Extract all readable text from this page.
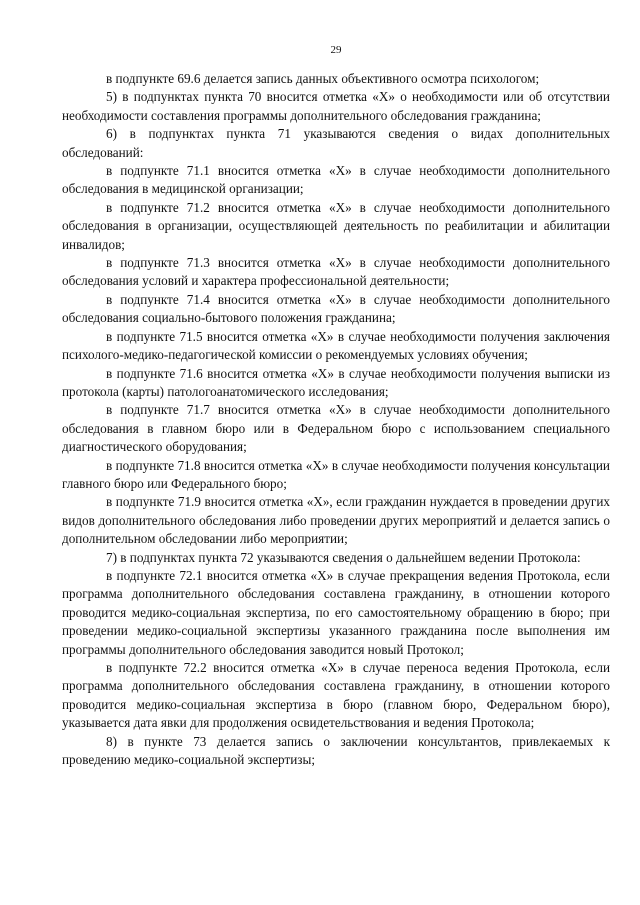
29

в подпункте 69.6 делается запись данных объективного осмотра психологом;

5) в подпунктах пункта 70 вносится отметка «X» о необходимости или об отсутствии необходимости составления программы дополнительного обследования гражданина;

6) в подпунктах пункта 71 указываются сведения о видах дополнительных обследований:

в подпункте 71.1 вносится отметка «X» в случае необходимости дополнительного обследования в медицинской организации;

в подпункте 71.2 вносится отметка «X» в случае необходимости дополнительного обследования в организации, осуществляющей деятельность по реабилитации и абилитации инвалидов;

в подпункте 71.3 вносится отметка «X» в случае необходимости дополнительного обследования условий и характера профессиональной деятельности;

в подпункте 71.4 вносится отметка «X» в случае необходимости дополнительного обследования социально-бытового положения гражданина;

в подпункте 71.5 вносится отметка «X» в случае необходимости получения заключения психолого-медико-педагогической комиссии о рекомендуемых условиях обучения;

в подпункте 71.6 вносится отметка «X» в случае необходимости получения выписки из протокола (карты) патологоанатомического исследования;

в подпункте 71.7 вносится отметка «X» в случае необходимости дополнительного обследования в главном бюро или в Федеральном бюро с использованием специального диагностического оборудования;

в подпункте 71.8 вносится отметка «X» в случае необходимости получения консультации главного бюро или Федерального бюро;

в подпункте 71.9 вносится отметка «X», если гражданин нуждается в проведении других видов дополнительного обследования либо проведении других мероприятий и делается запись о дополнительном обследовании либо мероприятии;

7) в подпунктах пункта 72 указываются сведения о дальнейшем ведении Протокола:

в подпункте 72.1 вносится отметка «X» в случае прекращения ведения Протокола, если программа дополнительного обследования составлена гражданину, в отношении которого проводится медико-социальная экспертиза, по его самостоятельному обращению в бюро; при проведении медико-социальной экспертизы указанного гражданина после выполнения им программы дополнительного обследования заводится новый Протокол;

в подпункте 72.2 вносится отметка «X» в случае переноса ведения Протокола, если программа дополнительного обследования составлена гражданину, в отношении которого проводится медико-социальная экспертиза в бюро (главном бюро, Федеральном бюро), указывается дата явки для продолжения освидетельствования и ведения Протокола;

8) в пункте 73 делается запись о заключении консультантов, привлекаемых к проведению медико-социальной экспертизы;
